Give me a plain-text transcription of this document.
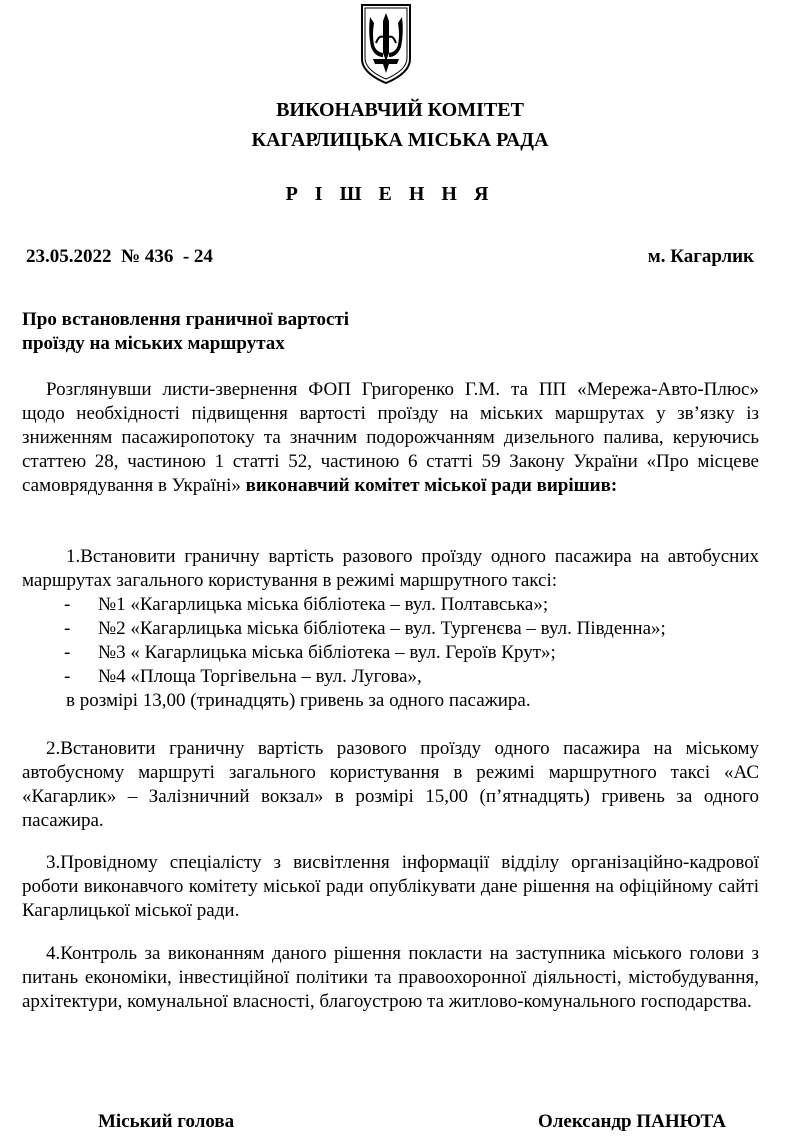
ВИКОНАВЧИЙ КОМІТЕТ
КАГАРЛИЦЬКА МІСЬКА РАДА
Р І Ш Е Н Н Я
23.05.2022 № 436  - 24	м. Кагарлик
Про встановлення граничної вартості
проїзду на міських маршрутах
Розглянувши листи-звернення ФОП Григоренко Г.М. та ПП «Мережа-Авто-Плюс» щодо необхідності підвищення вартості проїзду на міських маршрутах у зв’язку із зниженням пасажиропотоку та значним подорожчанням дизельного палива, керуючись статтею 28, частиною 1 статті 52, частиною 6 статті 59 Закону України «Про місцеве самоврядування в Україні» виконавчий комітет міської ради вирішив:
1.Встановити граничну вартість разового проїзду одного пасажира на автобусних маршрутах загального користування в режимі маршрутного таксі:
-	№1 «Кагарлицька міська бібліотека – вул. Полтавська»;
-	№2 «Кагарлицька міська бібліотека – вул. Тургенєва – вул. Південна»;
-	№3 « Кагарлицька міська бібліотека – вул. Героїв Крут»;
-	№4 «Площа Торгівельна – вул. Лугова»,
в розмірі 13,00 (тринадцять) гривень за одного пасажира.
2.Встановити граничну вартість разового проїзду одного пасажира на міському автобусному маршруті загального користування в режимі маршрутного таксі «АС «Кагарлик» – Залізничний вокзал» в розмірі 15,00 (п’ятнадцять) гривень за одного пасажира.
3.Провідному спеціалісту з висвітлення інформації відділу організаційно-кадрової роботи виконавчого комітету міської ради опублікувати дане рішення на офіційному сайті Кагарлицької міської ради.
4.Контроль за виконанням даного рішення покласти на заступника міського голови з питань економіки, інвестиційної політики та правоохоронної діяльності, містобудування, архітектури, комунальної власності, благоустрою та житлово-комунального господарства.
Міський голова	Олександр ПАНЮТА
